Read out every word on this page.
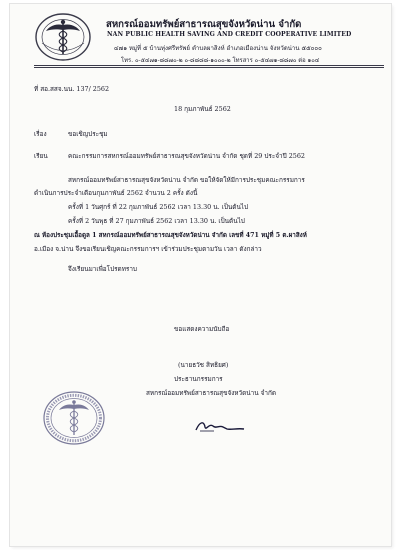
สหกรณ์ออมทรัพย์สาธารณสุขจังหวัดน่าน จำกัด
NAN PUBLIC HEALTH SAVING AND CREDIT COOPERATIVE LIMITED
๔๗๑ หมู่ที่ ๕ บ้านทุ่งศรีทรัพย์ ตำบลผาสิงห์ อำเภอเมืองน่าน จังหวัดน่าน ๕๕๐๐๐
โทร. ๐-๕๔๗๑-๘๘๗๐-๒ ๐-๘๘๘๘-๑๐๐๐-๒ โทรสาร ๐-๕๔๗๑-๘๘๗๐ ต่อ ๑๐๔
ที่ สอ.สสจ.นน. 137/ 2562
18 กุมภาพันธ์ 2562
เรื่อง	ขอเชิญประชุม
เรียน	คณะกรรมการสหกรณ์ออมทรัพย์สาธารณสุขจังหวัดน่าน จำกัด ชุดที่ 29 ประจำปี 2562
สหกรณ์ออมทรัพย์สาธารณสุขจังหวัดน่าน จำกัด ขอให้จัดให้มีการประชุมคณะกรรมการ
ดำเนินการประจำเดือนกุมภาพันธ์ 2562 จำนวน 2 ครั้ง ดังนี้
ครั้งที่ 1 วันศุกร์ ที่ 22 กุมภาพันธ์ 2562 เวลา 13.30 น. เป็นต้นไป
ครั้งที่ 2 วันพุธ ที่ 27 กุมภาพันธ์ 2562 เวลา 13.30 น. เป็นต้นไป
ณ ห้องประชุมเอื้อดูล 1 สหกรณ์ออมทรัพย์สาธารณสุขจังหวัดน่าน จำกัด เลขที่ 471 หมู่ที่ 5 ต.ผาสิงห์
อ.เมือง จ.น่าน จึงขอเรียนเชิญคณะกรรมการฯ เข้าร่วมประชุมตามวัน เวลา ดังกล่าว
จึงเรียนมาเพื่อโปรดทราบ
ขอแสดงความนับถือ
(นายธวัช สิทธิยศ)
ประธานกรรมการ
สหกรณ์ออมทรัพย์สาธารณสุขจังหวัดน่าน จำกัด
